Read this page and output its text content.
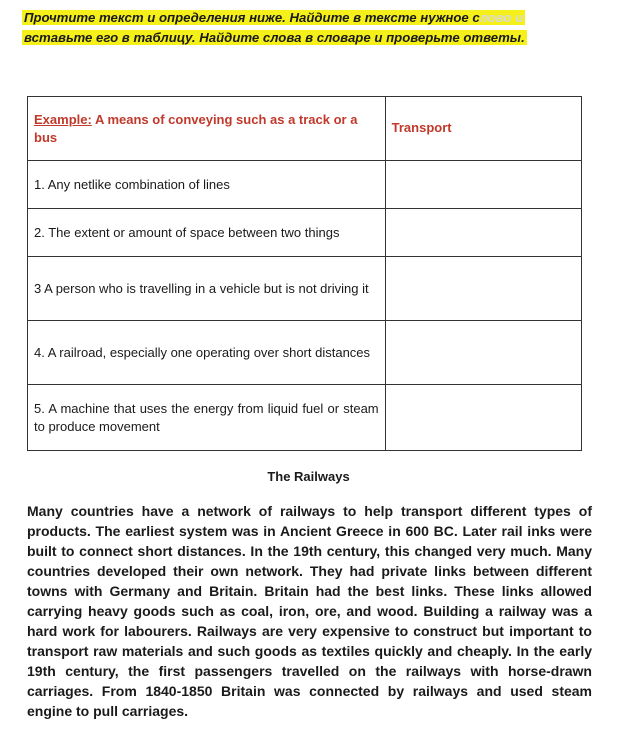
Прочтите текст и определения ниже. Найдите в тексте нужное слово и
вставьте его в таблицу. Найдите слова в словаре и проверьте ответы.
Example: A means of conveying such as a track or a bus	Transport
1. Any netlike combination of lines	
2. The extent or amount of space between two things	
3 A person who is travelling in a vehicle but is not driving it	
4. A railroad, especially one operating over short distances	
5. A machine that uses the energy from liquid fuel or steam to produce movement	
The Railways
Many countries have a network of railways to help transport different types of products. The earliest system was in Ancient Greece in 600 BC. Later rail inks were built to connect short distances. In the 19th century, this changed very much. Many countries developed their own network. They had private links between different towns with Germany and Britain. Britain had the best links. These links allowed carrying heavy goods such as coal, iron, ore, and wood. Building a railway was a hard work for labourers. Railways are very expensive to construct but important to transport raw materials and such goods as textiles quickly and cheaply. In the early 19th century, the first passengers travelled on the railways with horse-drawn carriages. From 1840-1850 Britain was connected by railways and used steam engine to pull carriages.
